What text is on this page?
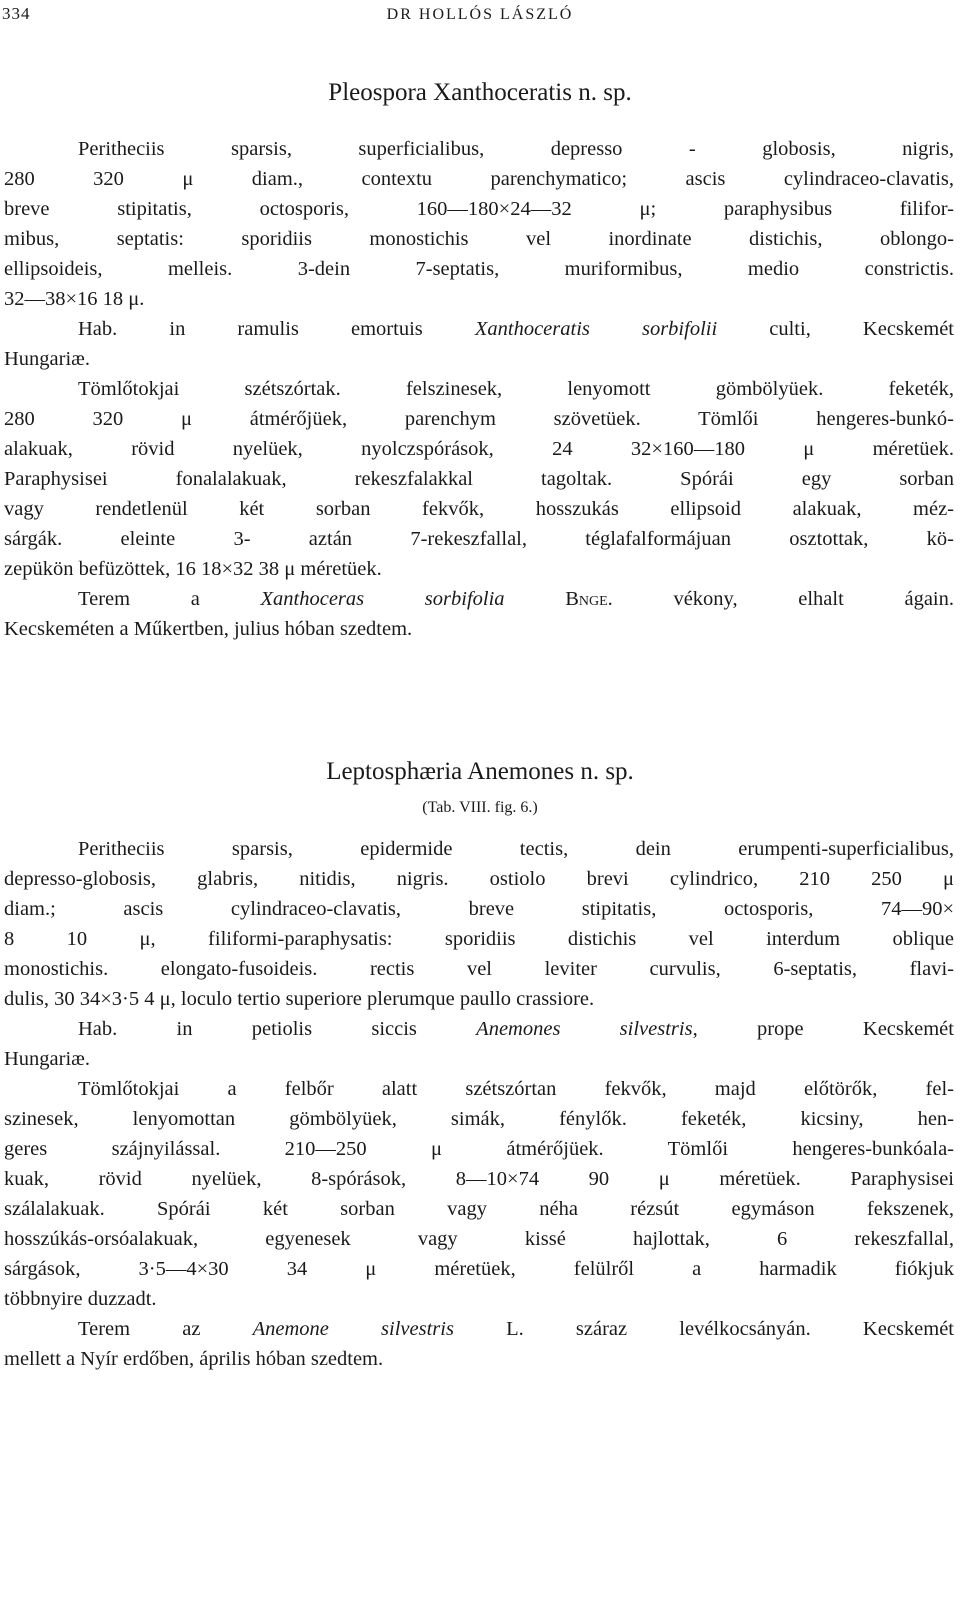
334	DR HOLLÓS LÁSZLÓ
Pleospora Xanthoceratis n. sp.
Peritheciis sparsis, superficialibus, depresso - globosis, nigris,
280 320 μ diam., contextu parenchymatico; ascis cylindraceo-clavatis,
breve stipitatis, octosporis, 160—180×24—32 μ; paraphysibus filifor-
mibus, septatis: sporidiis monostichis vel inordinate distichis, oblongo-
ellipsoideis, melleis. 3-dein 7-septatis, muriformibus, medio constrictis.
32—38×16 18 μ.
Hab. in ramulis emortuis Xanthoceratis sorbifolii culti, Kecskemét
Hungariæ.
Tömlőtokjai szétszórtak. felszinesek, lenyomott gömbölyüek. feketék,
280 320 μ átmérőjüek, parenchym szövetüek. Tömlői hengeres-bunkó-
alakuak, rövid nyelüek, nyolczspórások, 24 32×160—180 μ méretüek.
Paraphysisei fonalalakuak, rekeszfalakkal tagoltak. Spórái egy sorban
vagy rendetlenül két sorban fekvők, hosszukás ellipsoid alakuak, méz-
sárgák. eleinte 3- aztán 7-rekeszfallal, téglafalformájuan osztottak, kö-
zepükön befüzöttek, 16 18×32 38 μ méretüek.
Terem a Xanthoceras sorbifolia	Bnge. vékony, elhalt ágain.
Kecskeméten a Műkertben, julius hóban szedtem.
Leptosphæria Anemones n. sp.
(Tab. VIII. fig. 6.)
Peritheciis sparsis, epidermide tectis, dein erumpenti-superficialibus,
depresso-globosis, glabris, nitidis, nigris. ostiolo brevi cylindrico, 210 250 μ
diam.; ascis cylindraceo-clavatis, breve stipitatis, octosporis, 74—90×
8 10 μ, filiformi-paraphysatis: sporidiis distichis vel interdum oblique
monostichis. elongato-fusoideis. rectis vel leviter curvulis, 6-septatis, flavi-
dulis, 30 34×3·5 4 μ, loculo tertio superiore plerumque paullo crassiore.
Hab. in petiolis siccis Anemones silvestris, prope Kecskemét
Hungariæ.
Tömlőtokjai a felbőr alatt szétszórtan fekvők, majd előtörők, fel-
szinesek, lenyomottan gömbölyüek, simák, fénylők. feketék, kicsiny, hen-
geres szájnyilással. 210—250 μ átmérőjüek. Tömlői hengeres-bunkóala-
kuak, rövid nyelüek, 8-spórások, 8—10×74 90 μ méretüek. Paraphysisei
szálalakuak. Spórái két sorban vagy néha rézsút egymáson fekszenek,
hosszúkás-orsóalakuak, egyenesek vagy kissé hajlottak, 6 rekeszfallal,
sárgások, 3·5—4×30 34 μ méretüek, felülről a harmadik fiókjuk
többnyire duzzadt.
Terem az Anemone silvestris L. száraz levélkocsányán. Kecskemét
mellett a Nyír erdőben, április hóban szedtem.
